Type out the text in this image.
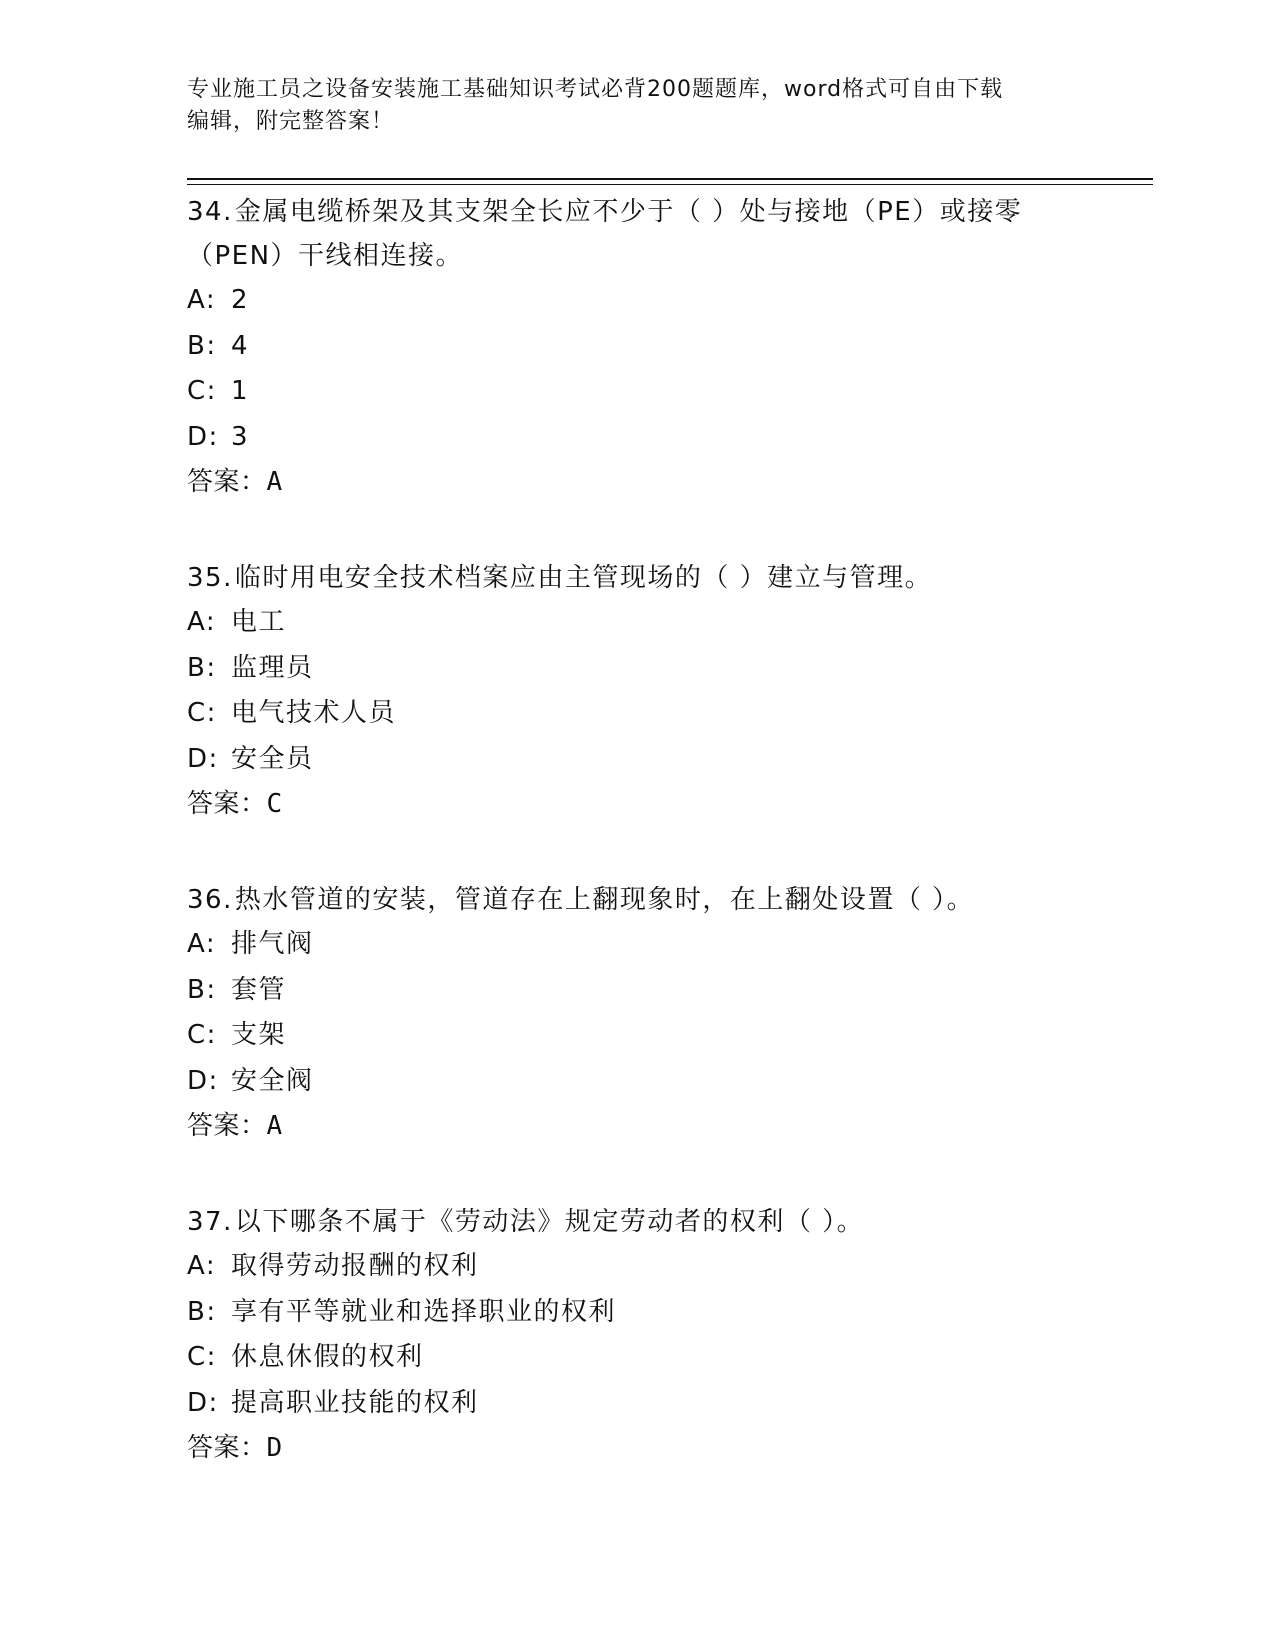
专业施工员之设备安装施工基础知识考试必背200题题库，word格式可自由下载
编辑，附完整答案！

34.金属电缆桥架及其支架全长应不少于（ ）处与接地（PE）或接零

（PEN）干线相连接。

A: 2

B: 4

C: 1

D: 3

答案：A

35.临时用电安全技术档案应由主管现场的（ ）建立与管理。

A: 电工

B: 监理员

C: 电气技术人员

D: 安全员

答案：C

36.热水管道的安装，管道存在上翻现象时，在上翻处设置（ ）。

A: 排气阀

B: 套管

C: 支架

D: 安全阀

答案：A

37.以下哪条不属于《劳动法》规定劳动者的权利（ ）。

A: 取得劳动报酬的权利

B: 享有平等就业和选择职业的权利

C: 休息休假的权利

D: 提高职业技能的权利

答案：D
